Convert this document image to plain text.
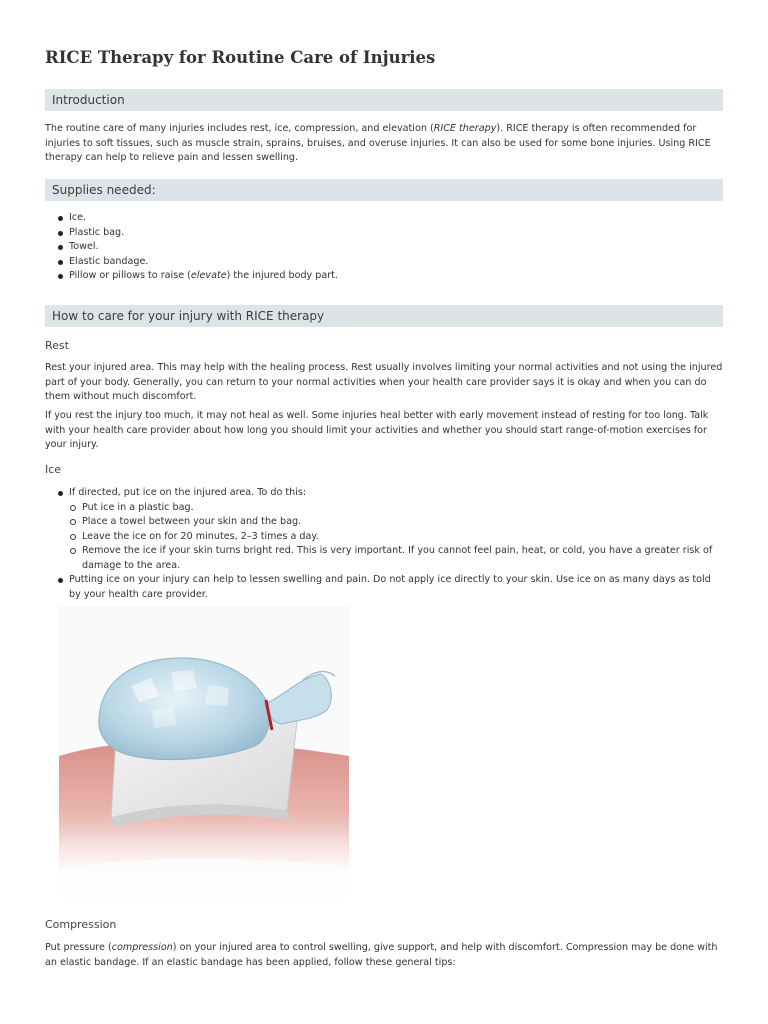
RICE Therapy for Routine Care of Injuries
Introduction

The routine care of many injuries includes rest, ice, compression, and elevation (RICE therapy). RICE therapy is often recommended for injuries to soft tissues, such as muscle strain, sprains, bruises, and overuse injuries. It can also be used for some bone injuries. Using RICE therapy can help to relieve pain and lessen swelling.

Supplies needed:
Ice.
Plastic bag.
Towel.
Elastic bandage.
Pillow or pillows to raise (elevate) the injured body part.
How to care for your injury with RICE therapy
Rest

Rest your injured area. This may help with the healing process. Rest usually involves limiting your normal activities and not using the injured part of your body. Generally, you can return to your normal activities when your health care provider says it is okay and when you can do them without much discomfort.

If you rest the injury too much, it may not heal as well. Some injuries heal better with early movement instead of resting for too long. Talk with your health care provider about how long you should limit your activities and whether you should start range-of-motion exercises for your injury.

Ice
If directed, put ice on the injured area. To do this:
Put ice in a plastic bag.
Place a towel between your skin and the bag.
Leave the ice on for 20 minutes, 2–3 times a day.
Remove the ice if your skin turns bright red. This is very important. If you cannot feel pain, heat, or cold, you have a greater risk of damage to the area.
Putting ice on your injury can help to lessen swelling and pain. Do not apply ice directly to your skin. Use ice on as many days as told by your health care provider.
Compression

Put pressure (compression) on your injured area to control swelling, give support, and help with discomfort. Compression may be done with an elastic bandage. If an elastic bandage has been applied, follow these general tips:
